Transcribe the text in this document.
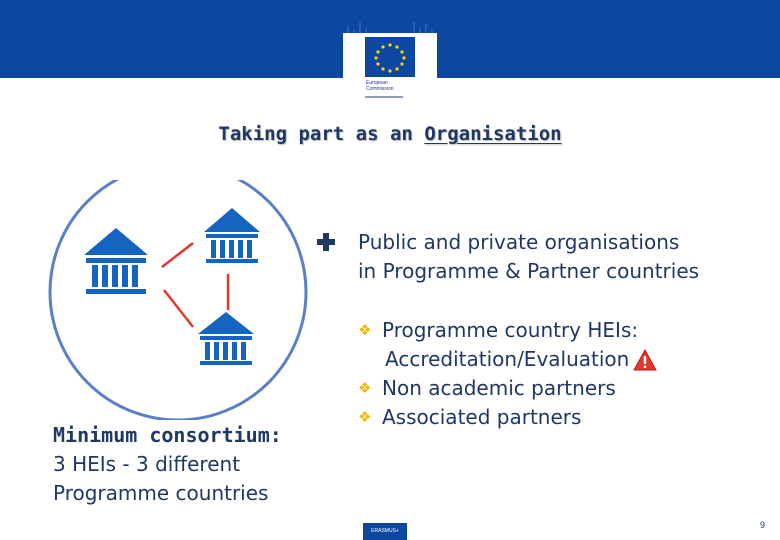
European
Commission
Taking part as an Organisation
Public and private organisations
in Programme & Partner countries
❖ Programme country HEIs:
Accreditation/Evaluation
❖ Non academic partners
❖ Associated partners
Minimum consortium:
3 HEIs - 3 different
Programme countries
ERASMUS+
9
